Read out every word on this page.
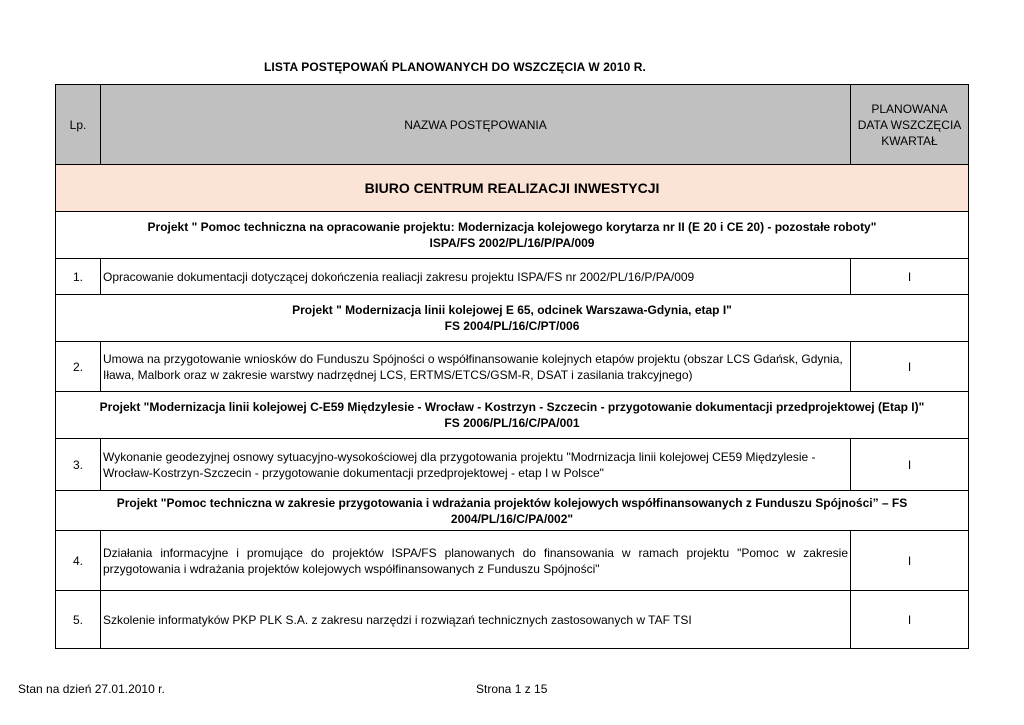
LISTA POSTĘPOWAŃ PLANOWANYCH DO WSZCZĘCIA W 2010 R.
Lp.	NAZWA POSTĘPOWANIA	PLANOWANA
DATA WSZCZĘCIA
KWARTAŁ

BIURO CENTRUM REALIZACJI INWESTYCJI		

Projekt " Pomoc techniczna na opracowanie projektu: Modernizacja kolejowego korytarza nr II (E 20 i CE 20) - pozostałe roboty"
ISPA/FS 2002/PL/16/P/PA/009		

1.	Opracowanie dokumentacji dotyczącej dokończenia realiacji zakresu projektu ISPA/FS nr 2002/PL/16/P/PA/009	I

Projekt " Modernizacja linii kolejowej E 65, odcinek Warszawa-Gdynia, etap I"
FS 2004/PL/16/C/PT/006		

2.	Umowa na przygotowanie wniosków do Funduszu Spójności o współfinansowanie kolejnych etapów projektu (obszar LCS Gdańsk, Gdynia, Iława, Malbork oraz w zakresie warstwy nadrzędnej LCS, ERTMS/ETCS/GSM-R, DSAT i zasilania trakcyjnego)	I

Projekt "Modernizacja linii kolejowej C-E59 Międzylesie - Wrocław - Kostrzyn - Szczecin - przygotowanie dokumentacji przedprojektowej (Etap I)"
FS 2006/PL/16/C/PA/001		

3.	Wykonanie geodezyjnej osnowy sytuacyjno-wysokościowej dla przygotowania projektu "Modrnizacja linii kolejowej CE59 Międzylesie - Wrocław-Kostrzyn-Szczecin - przygotowanie dokumentacji przedprojektowej - etap I w Polsce"	I

Projekt "Pomoc techniczna w zakresie przygotowania i wdrażania projektów kolejowych współfinansowanych z Funduszu Spójności” – FS
2004/PL/16/C/PA/002"		

4.	Działania informacyjne i promujące do projektów ISPA/FS planowanych do finansowania w ramach projektu "Pomoc w zakresie przygotowania i wdrażania projektów kolejowych współfinansowanych z Funduszu Spójności"	I
5.	Szkolenie informatyków PKP PLK S.A. z zakresu narzędzi i rozwiązań technicznych zastosowanych w TAF TSI	I
Stan na dzień 27.01.2010 r.	Strona 1 z 15
